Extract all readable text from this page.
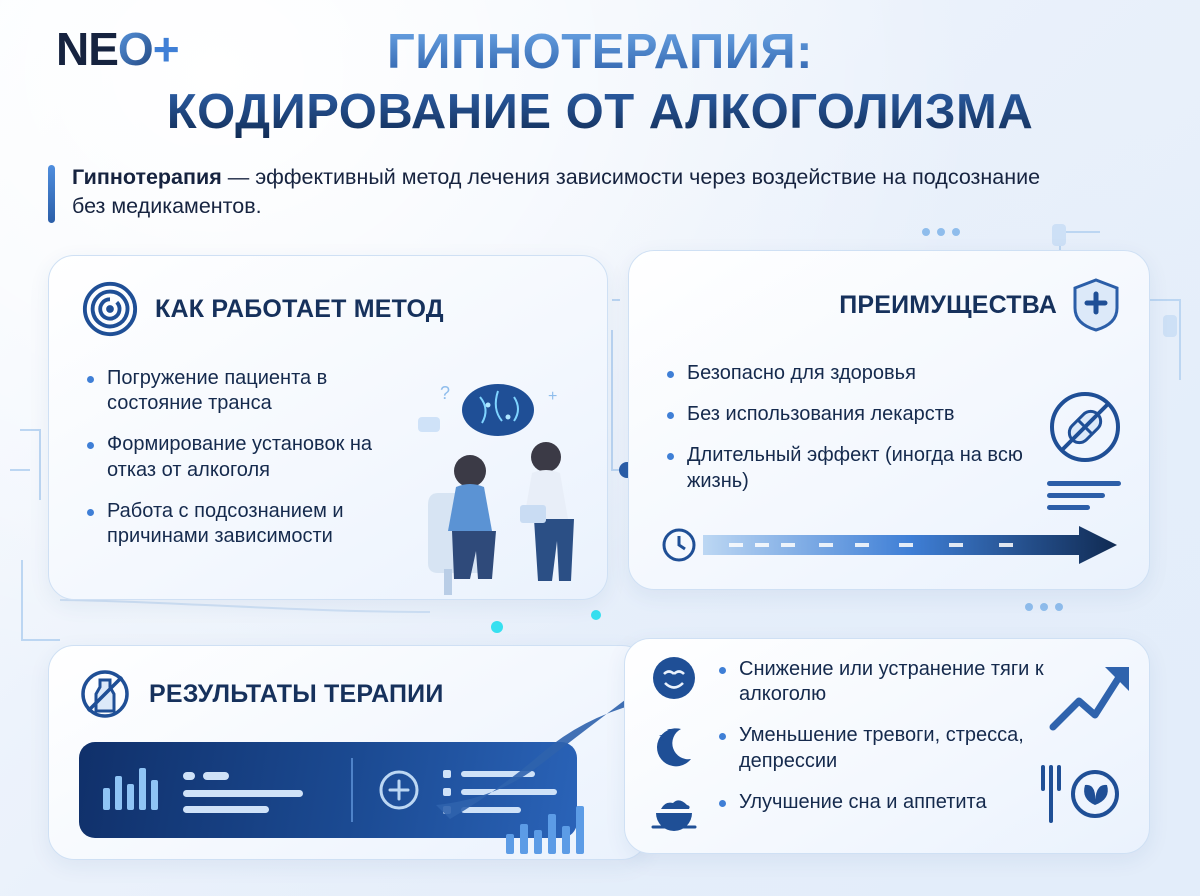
ГИПНОТЕРАПИЯ:
КОДИРОВАНИЕ ОТ АЛКОГОЛИЗМА
Гипнотерапия — эффективный метод лечения зависимости через воздействие на подсознание без медикаментов.
КАК РАБОТАЕТ МЕТОД
Погружение пациента в состояние транса
Формирование установок на отказ от алкоголя
Работа с подсознанием и причинами зависимости
?	+
ПРЕИМУЩЕСТВА
Безопасно для здоровья
Без использования лекарств
Длительный эффект (иногда на всю жизнь)
РЕЗУЛЬТАТЫ ТЕРАПИИ
z
z
Снижение или устранение тяги к алкоголю
Уменьшение тревоги, стресса, депрессии
Улучшение сна и аппетита
